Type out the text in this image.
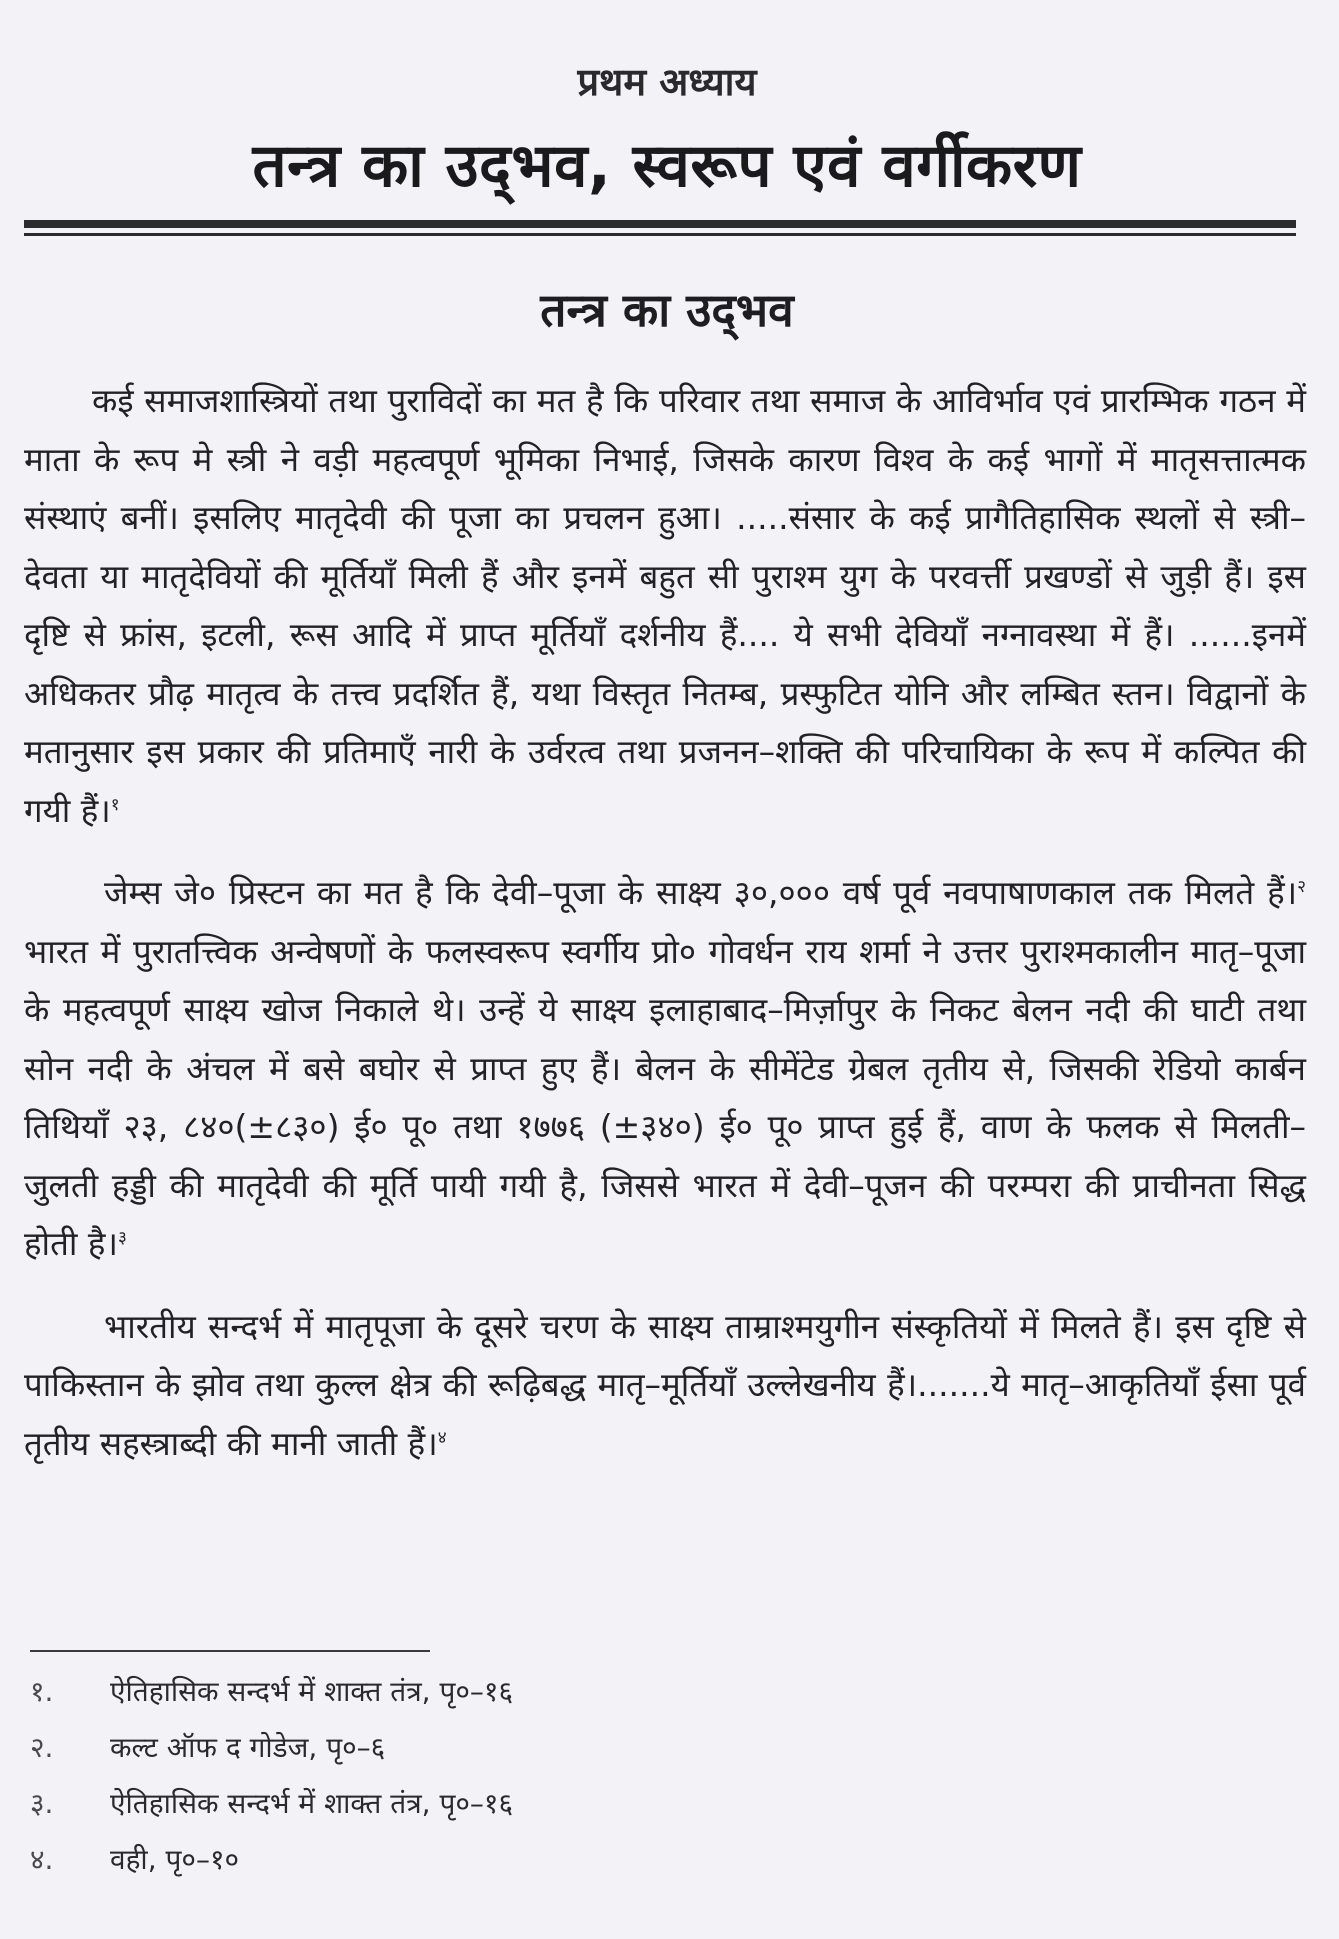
प्रथम अध्याय
तन्त्र का उद्‌भव, स्वरूप एवं वर्गीकरण
तन्त्र का उद्‌भव

कई समाजशास्त्रियों तथा पुराविदों का मत है कि परिवार तथा समाज के आविर्भाव एवं प्रारम्भिक गठन में माता के रूप मे स्त्री ने वड़ी महत्वपूर्ण भूमिका निभाई, जिसके कारण विश्व के कई भागों में मातृसत्तात्मक संस्थाएं बनीं। इसलिए मातृदेवी की पूजा का प्रचलन हुआ। .....संसार के कई प्रागैतिहासिक स्थलों से स्त्री–देवता या मातृदेवियों की मूर्तियाँ मिली हैं और इनमें बहुत सी पुराश्म युग के परवर्त्ती प्रखण्डों से जुड़ी हैं। इस दृष्टि से फ्रांस, इटली, रूस आदि में प्राप्त मूर्तियाँ दर्शनीय हैं.... ये सभी देवियाँ नग्नावस्था में हैं। ......इनमें अधिकतर प्रौढ़ मातृत्व के तत्त्व प्रदर्शित हैं, यथा विस्तृत नितम्ब, प्रस्फुटित योनि और लम्बित स्तन। विद्वानों के मतानुसार इस प्रकार की प्रतिमाएँ नारी के उर्वरत्व तथा प्रजनन–शक्ति की परिचायिका के रूप में कल्पित की गयी हैं।$^१$

जेम्स जे० प्रिस्टन का मत है कि देवी–पूजा के साक्ष्य ३०,००० वर्ष पूर्व नवपाषाणकाल तक मिलते हैं।$^२$ भारत में पुरातत्त्विक अन्वेषणों के फलस्वरूप स्वर्गीय प्रो० गोवर्धन राय शर्मा ने उत्तर पुराश्मकालीन मातृ–पूजा के महत्वपूर्ण साक्ष्य खोज निकाले थे। उन्हें ये साक्ष्य इलाहाबाद–मिर्ज़ापुर के निकट बेलन नदी की घाटी तथा सोन नदी के अंचल में बसे बघोर से प्राप्त हुए हैं। बेलन के सीमेंटेड ग्रेबल तृतीय से, जिसकी रेडियो कार्बन तिथियाँ २३, ८४०(±८३०) ई० पू० तथा १७७६ (±३४०) ई० पू० प्राप्त हुई हैं, वाण के फलक से मिलती–जुलती हड्डी की मातृदेवी की मूर्ति पायी गयी है, जिससे भारत में देवी–पूजन की परम्परा की प्राचीनता सिद्ध होती है।$^३$

भारतीय सन्दर्भ में मातृपूजा के दूसरे चरण के साक्ष्य ताम्राश्मयुगीन संस्कृतियों में मिलते हैं। इस दृष्टि से पाकिस्तान के झोव तथा कुल्ल क्षेत्र की रूढ़िबद्ध मातृ–मूर्तियाँ उल्लेखनीय हैं।.......ये मातृ–आकृतियाँ ईसा पूर्व तृतीय सहस्त्राब्दी की मानी जाती हैं।$^४$

१.	ऐतिहासिक सन्दर्भ में शाक्त तंत्र, पृ०–१६
२.	कल्ट ऑफ द गोडेज, पृ०–६
३.	ऐतिहासिक सन्दर्भ में शाक्त तंत्र, पृ०–१६
४.	वही, पृ०–१०
